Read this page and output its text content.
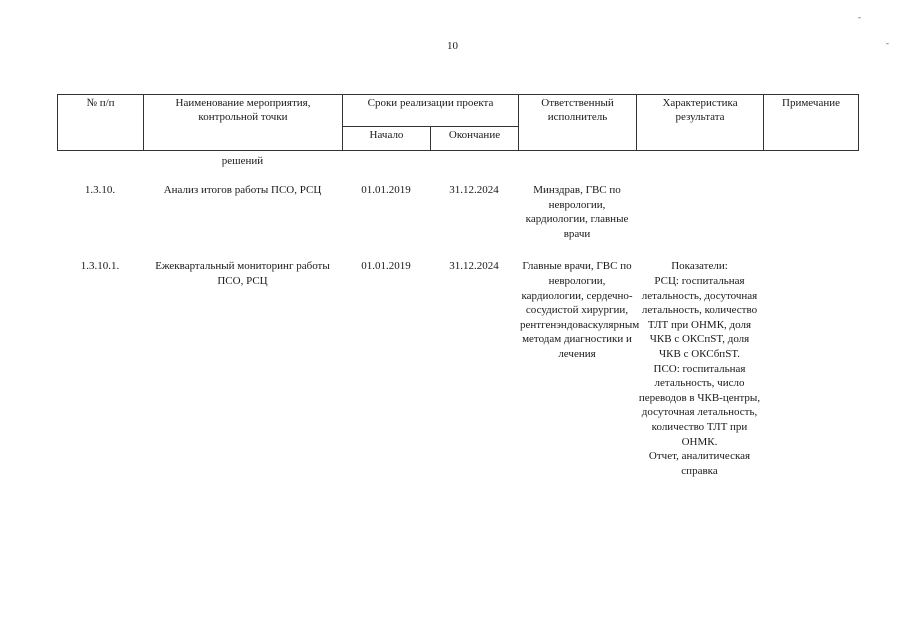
10
-
-
№ п/п	Наименование мероприятия, контрольной точки	Сроки реализации проекта		Ответственный исполнитель	Характеристика результата	Примечание
		Начало	Окончание			
решений
1.3.10.	Анализ итогов работы ПСО, РСЦ	01.01.2019	31.12.2024	Минздрав, ГВС по неврологии, кардиологии, главные врачи		
1.3.10.1.	Ежеквартальный мониторинг работы ПСО, РСЦ	01.01.2019	31.12.2024	Главные врачи, ГВС по неврологии, кардиологии, сердечно-сосудистой хирургии, рентгенэндоваскулярным методам диагностики и лечения	Показатели:
РСЦ: госпитальная летальность, досуточная летальность, количество ТЛТ при ОНМК, доля ЧКВ с ОКСпST, доля ЧКВ с ОКСбпST.
ПСО: госпитальная летальность, число переводов в ЧКВ-центры, досуточная летальность, количество ТЛТ при ОНМК.
Отчет, аналитическая справка	
